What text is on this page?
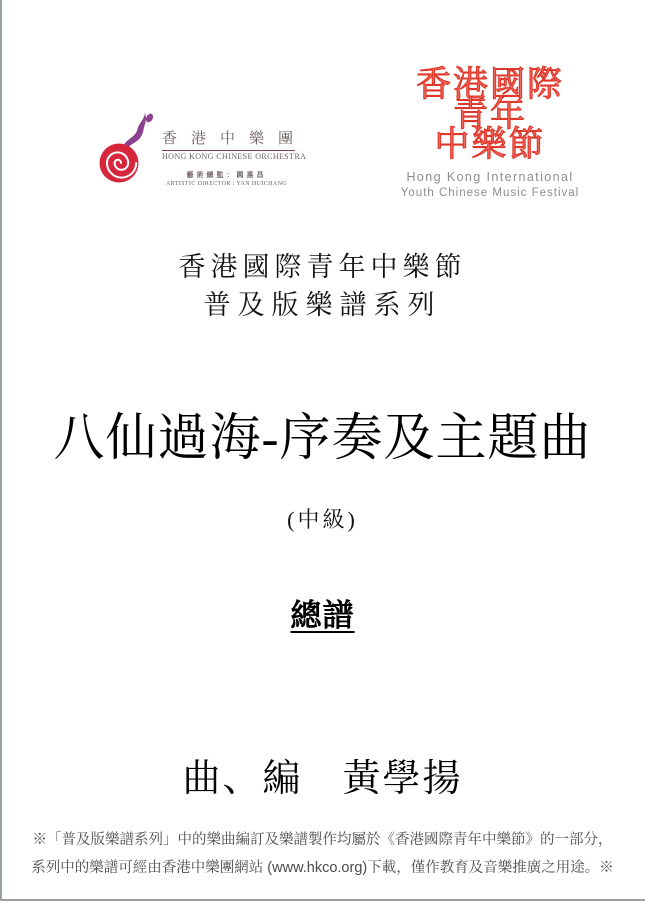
香港中樂團
HONG KONG CHINESE ORCHESTRA
藝術總監：閻惠昌
ARTISTIC DIRECTOR : YAN HUICHANG
香港國際
青年
中樂節
Hong Kong International
Youth Chinese Music Festival
香港國際青年中樂節
普及版樂譜系列
八仙過海-序奏及主題曲
(中級)
總譜
曲、編　黃學揚
※「普及版樂譜系列」中的樂曲編訂及樂譜製作均屬於《香港國際青年中樂節》的一部分，
系列中的樂譜可經由香港中樂團網站 (www.hkco.org)下載，僅作教育及音樂推廣之用途。※
